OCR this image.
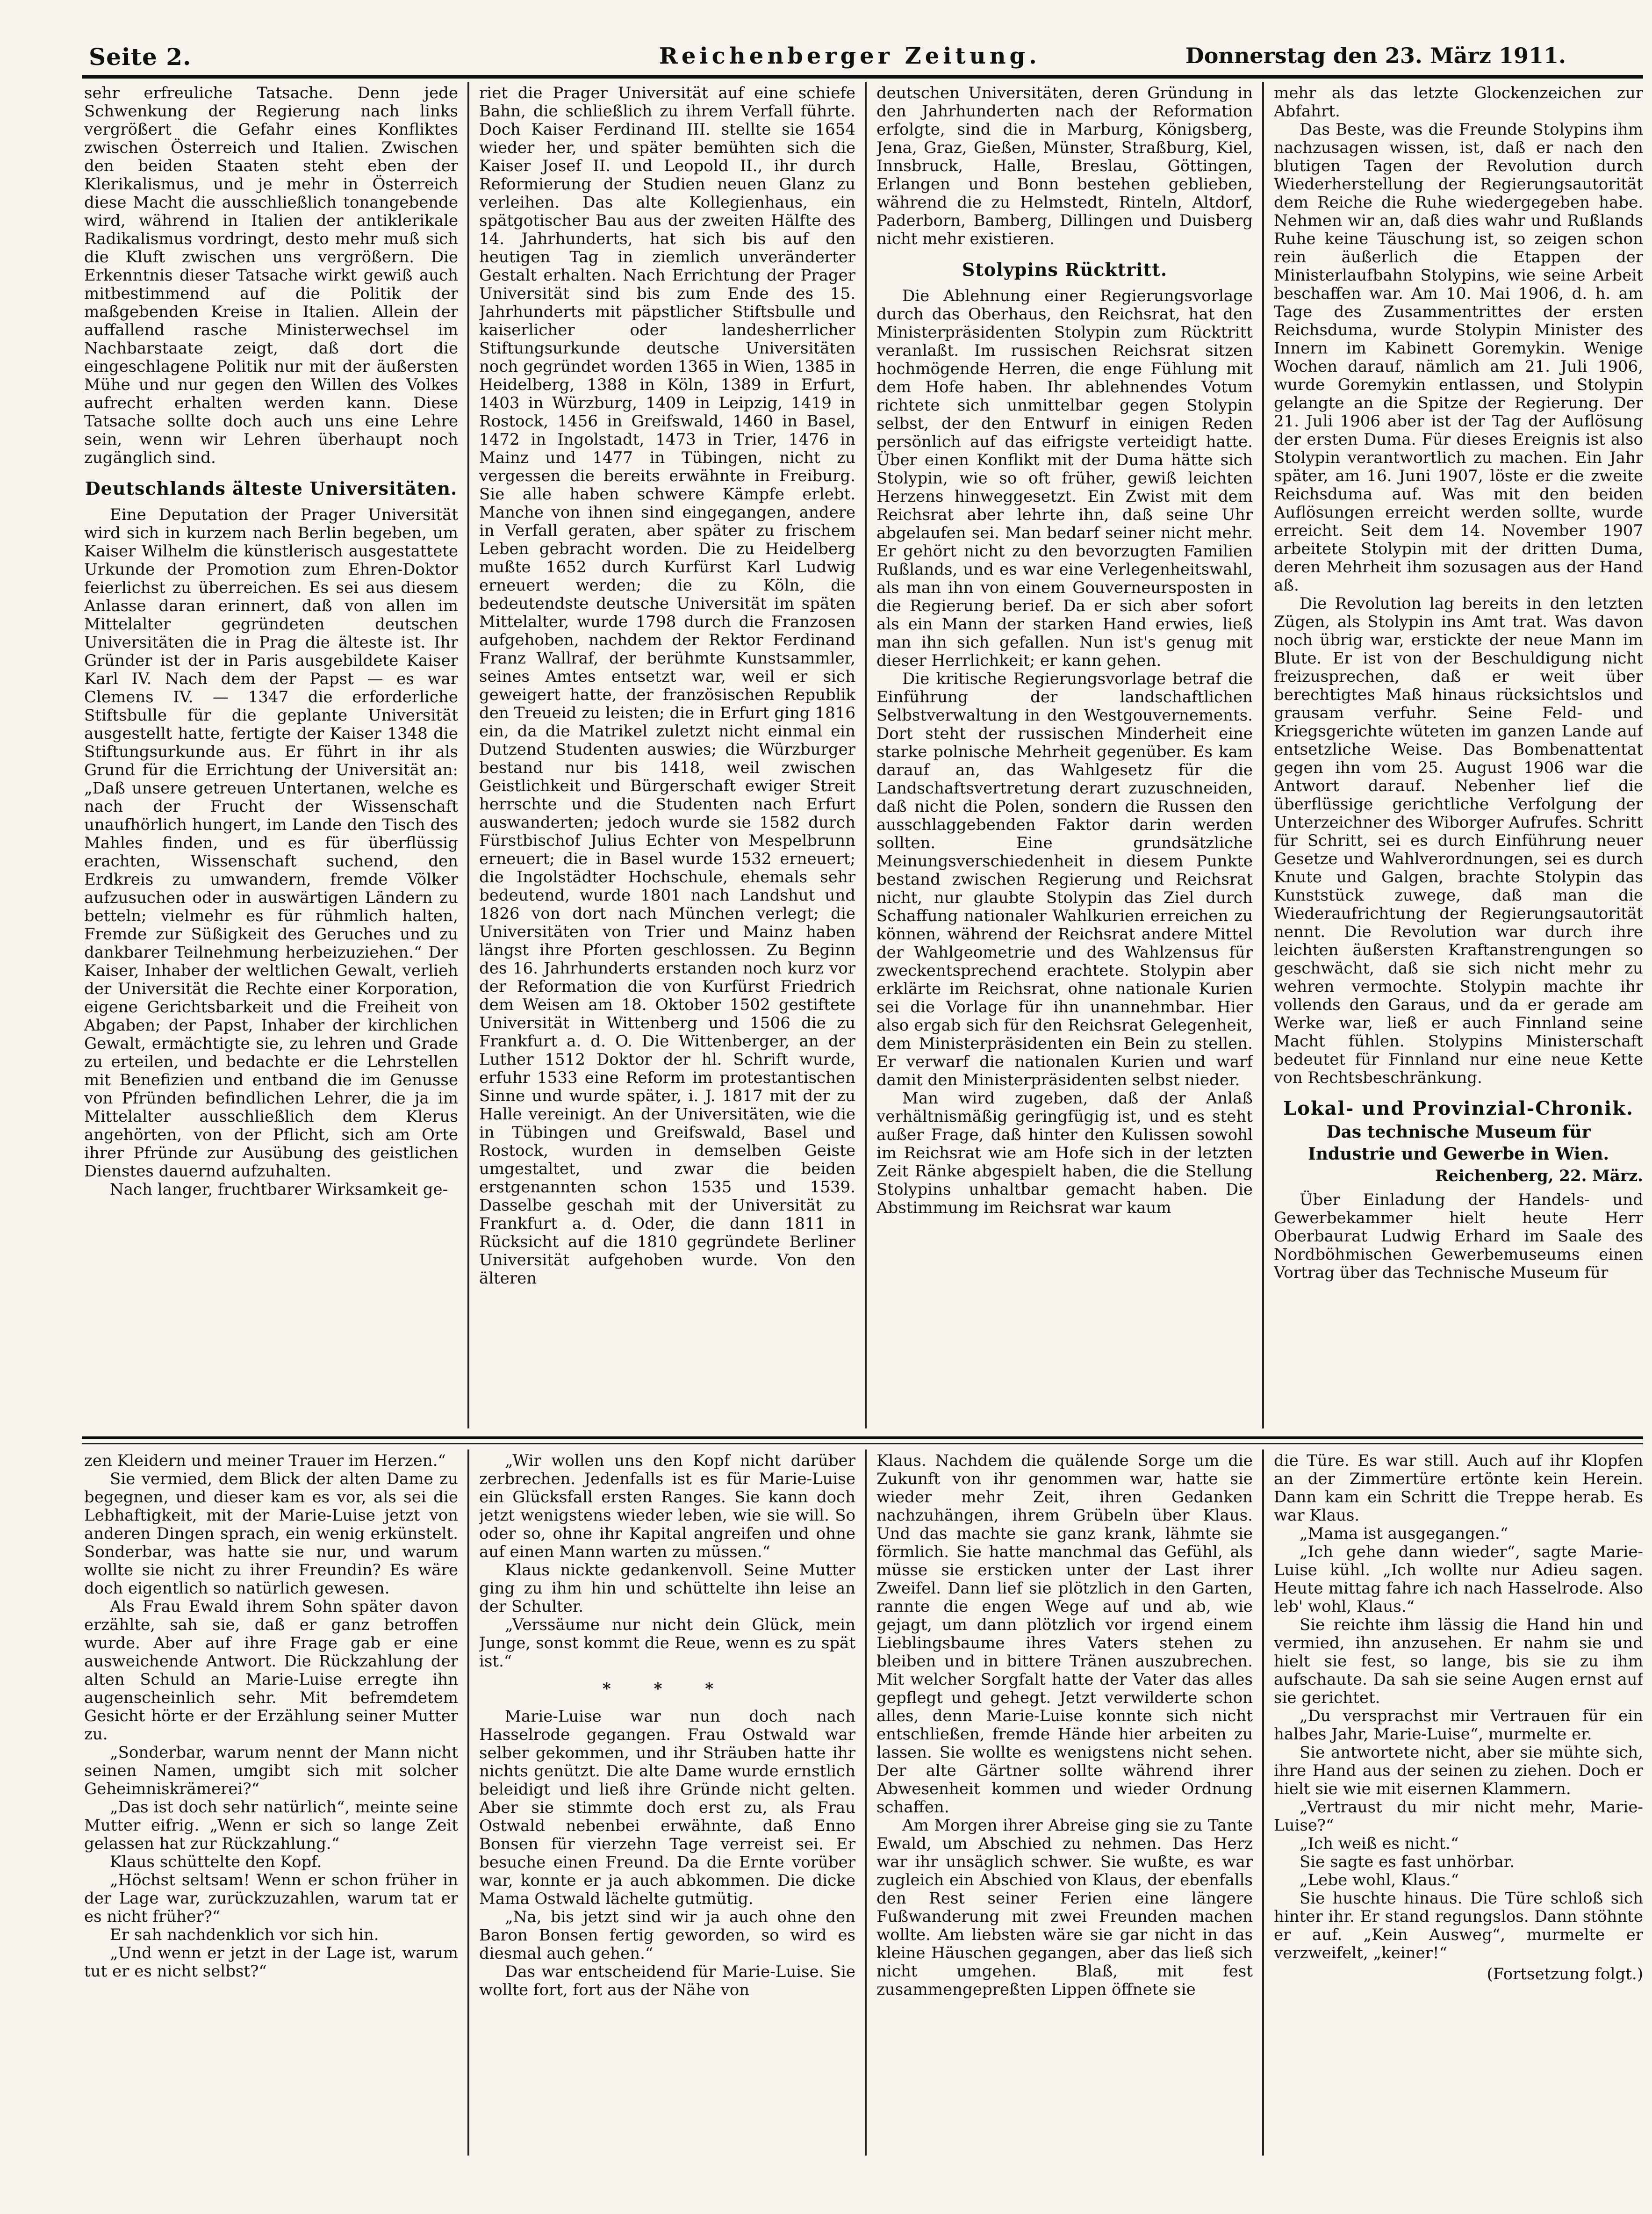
Seite 2.	Reichenberger Zeitung.	Donnerstag den 23. März 1911.

sehr erfreuliche Tatsache. Denn jede Schwenkung der Regierung nach links vergrößert die Gefahr eines Konfliktes zwischen Österreich und Italien. Zwischen den beiden Staaten steht eben der Klerikalismus, und je mehr in Österreich diese Macht die ausschließlich tonangebende wird, während in Italien der antiklerikale Radikalismus vordringt, desto mehr muß sich die Kluft zwischen uns vergrößern. Die Erkenntnis dieser Tatsache wirkt gewiß auch mitbestimmend auf die Politik der maßgebenden Kreise in Italien. Allein der auffallend rasche Ministerwechsel im Nachbarstaate zeigt, daß dort die eingeschlagene Politik nur mit der äußersten Mühe und nur gegen den Willen des Volkes aufrecht erhalten werden kann. Diese Tatsache sollte doch auch uns eine Lehre sein, wenn wir Lehren überhaupt noch zugänglich sind.

Deutschlands älteste Universitäten.

Eine Deputation der Prager Universität wird sich in kurzem nach Berlin begeben, um Kaiser Wilhelm die künstlerisch ausgestattete Urkunde der Promotion zum Ehren-Doktor feierlichst zu überreichen. Es sei aus diesem Anlasse daran erinnert, daß von allen im Mittelalter gegründeten deutschen Universitäten die in Prag die älteste ist. Ihr Gründer ist der in Paris ausgebildete Kaiser Karl IV. Nach dem der Papst — es war Clemens IV. — 1347 die erforderliche Stiftsbulle für die geplante Universität ausgestellt hatte, fertigte der Kaiser 1348 die Stiftungsurkunde aus. Er führt in ihr als Grund für die Errichtung der Universität an: „Daß unsere getreuen Untertanen, welche es nach der Frucht der Wissenschaft unaufhörlich hungert, im Lande den Tisch des Mahles finden, und es für überflüssig erachten, Wissenschaft suchend, den Erdkreis zu umwandern, fremde Völker aufzusuchen oder in auswärtigen Ländern zu betteln; vielmehr es für rühmlich halten, Fremde zur Süßigkeit des Geruches und zu dankbarer Teilnehmung herbeizuziehen.“ Der Kaiser, Inhaber der weltlichen Gewalt, verlieh der Universität die Rechte einer Korporation, eigene Gerichtsbarkeit und die Freiheit von Abgaben; der Papst, Inhaber der kirchlichen Gewalt, ermächtigte sie, zu lehren und Grade zu erteilen, und bedachte er die Lehrstellen mit Benefizien und entband die im Genusse von Pfründen befindlichen Lehrer, die ja im Mittelalter ausschließlich dem Klerus angehörten, von der Pflicht, sich am Orte ihrer Pfründe zur Ausübung des geistlichen Dienstes dauernd aufzuhalten.

Nach langer, fruchtbarer Wirksamkeit ge-

riet die Prager Universität auf eine schiefe Bahn, die schließlich zu ihrem Verfall führte. Doch Kaiser Ferdinand III. stellte sie 1654 wieder her, und später bemühten sich die Kaiser Josef II. und Leopold II., ihr durch Reformierung der Studien neuen Glanz zu verleihen. Das alte Kollegienhaus, ein spätgotischer Bau aus der zweiten Hälfte des 14. Jahrhunderts, hat sich bis auf den heutigen Tag in ziemlich unveränderter Gestalt erhalten. Nach Errichtung der Prager Universität sind bis zum Ende des 15. Jahrhunderts mit päpstlicher Stiftsbulle und kaiserlicher oder landesherrlicher Stiftungsurkunde deutsche Universitäten noch gegründet worden 1365 in Wien, 1385 in Heidelberg, 1388 in Köln, 1389 in Erfurt, 1403 in Würzburg, 1409 in Leipzig, 1419 in Rostock, 1456 in Greifswald, 1460 in Basel, 1472 in Ingolstadt, 1473 in Trier, 1476 in Mainz und 1477 in Tübingen, nicht zu vergessen die bereits erwähnte in Freiburg. Sie alle haben schwere Kämpfe erlebt. Manche von ihnen sind eingegangen, andere in Verfall geraten, aber später zu frischem Leben gebracht worden. Die zu Heidelberg mußte 1652 durch Kurfürst Karl Ludwig erneuert werden; die zu Köln, die bedeutendste deutsche Universität im späten Mittelalter, wurde 1798 durch die Franzosen aufgehoben, nachdem der Rektor Ferdinand Franz Wallraf, der berühmte Kunstsammler, seines Amtes entsetzt war, weil er sich geweigert hatte, der französischen Republik den Treueid zu leisten; die in Erfurt ging 1816 ein, da die Matrikel zuletzt nicht einmal ein Dutzend Studenten auswies; die Würzburger bestand nur bis 1418, weil zwischen Geistlichkeit und Bürgerschaft ewiger Streit herrschte und die Studenten nach Erfurt auswanderten; jedoch wurde sie 1582 durch Fürstbischof Julius Echter von Mespelbrunn erneuert; die in Basel wurde 1532 erneuert; die Ingolstädter Hochschule, ehemals sehr bedeutend, wurde 1801 nach Landshut und 1826 von dort nach München verlegt; die Universitäten von Trier und Mainz haben längst ihre Pforten geschlossen. Zu Beginn des 16. Jahrhunderts erstanden noch kurz vor der Reformation die von Kurfürst Friedrich dem Weisen am 18. Oktober 1502 gestiftete Universität in Wittenberg und 1506 die zu Frankfurt a. d. O. Die Wittenberger, an der Luther 1512 Doktor der hl. Schrift wurde, erfuhr 1533 eine Reform im protestantischen Sinne und wurde später, i. J. 1817 mit der zu Halle vereinigt. An der Universitäten, wie die in Tübingen und Greifswald, Basel und Rostock, wurden in demselben Geiste umgestaltet, und zwar die beiden erstgenannten schon 1535 und 1539. Dasselbe geschah mit der Universität zu Frankfurt a. d. Oder, die dann 1811 in Rücksicht auf die 1810 gegründete Berliner Universität aufgehoben wurde. Von den älteren

deutschen Universitäten, deren Gründung in den Jahrhunderten nach der Reformation erfolgte, sind die in Marburg, Königsberg, Jena, Graz, Gießen, Münster, Straßburg, Kiel, Innsbruck, Halle, Breslau, Göttingen, Erlangen und Bonn bestehen geblieben, während die zu Helmstedt, Rinteln, Altdorf, Paderborn, Bamberg, Dillingen und Duisberg nicht mehr existieren.

Stolypins Rücktritt.

Die Ablehnung einer Regierungsvorlage durch das Oberhaus, den Reichsrat, hat den Ministerpräsidenten Stolypin zum Rücktritt veranlaßt. Im russischen Reichsrat sitzen hochmögende Herren, die enge Fühlung mit dem Hofe haben. Ihr ablehnendes Votum richtete sich unmittelbar gegen Stolypin selbst, der den Entwurf in einigen Reden persönlich auf das eifrigste verteidigt hatte. Über einen Konflikt mit der Duma hätte sich Stolypin, wie so oft früher, gewiß leichten Herzens hinweggesetzt. Ein Zwist mit dem Reichsrat aber lehrte ihn, daß seine Uhr abgelaufen sei. Man bedarf seiner nicht mehr. Er gehört nicht zu den bevorzugten Familien Rußlands, und es war eine Verlegenheitswahl, als man ihn von einem Gouverneursposten in die Regierung berief. Da er sich aber sofort als ein Mann der starken Hand erwies, ließ man ihn sich gefallen. Nun ist's genug mit dieser Herrlichkeit; er kann gehen.

Die kritische Regierungsvorlage betraf die Einführung der landschaftlichen Selbstverwaltung in den Westgouvernements. Dort steht der russischen Minderheit eine starke polnische Mehrheit gegenüber. Es kam darauf an, das Wahlgesetz für die Landschaftsvertretung derart zuzuschneiden, daß nicht die Polen, sondern die Russen den ausschlaggebenden Faktor darin werden sollten. Eine grundsätzliche Meinungsverschiedenheit in diesem Punkte bestand zwischen Regierung und Reichsrat nicht, nur glaubte Stolypin das Ziel durch Schaffung nationaler Wahlkurien erreichen zu können, während der Reichsrat andere Mittel der Wahlgeometrie und des Wahlzensus für zweckentsprechend erachtete. Stolypin aber erklärte im Reichsrat, ohne nationale Kurien sei die Vorlage für ihn unannehmbar. Hier also ergab sich für den Reichsrat Gelegenheit, dem Ministerpräsidenten ein Bein zu stellen. Er verwarf die nationalen Kurien und warf damit den Ministerpräsidenten selbst nieder.

Man wird zugeben, daß der Anlaß verhältnismäßig geringfügig ist, und es steht außer Frage, daß hinter den Kulissen sowohl im Reichsrat wie am Hofe sich in der letzten Zeit Ränke abgespielt haben, die die Stellung Stolypins unhaltbar gemacht haben. Die Abstimmung im Reichsrat war kaum

mehr als das letzte Glockenzeichen zur Abfahrt.

Das Beste, was die Freunde Stolypins ihm nachzusagen wissen, ist, daß er nach den blutigen Tagen der Revolution durch Wiederherstellung der Regierungsautorität dem Reiche die Ruhe wiedergegeben habe. Nehmen wir an, daß dies wahr und Rußlands Ruhe keine Täuschung ist, so zeigen schon rein äußerlich die Etappen der Ministerlaufbahn Stolypins, wie seine Arbeit beschaffen war. Am 10. Mai 1906, d. h. am Tage des Zusammentrittes der ersten Reichsduma, wurde Stolypin Minister des Innern im Kabinett Goremykin. Wenige Wochen darauf, nämlich am 21. Juli 1906, wurde Goremykin entlassen, und Stolypin gelangte an die Spitze der Regierung. Der 21. Juli 1906 aber ist der Tag der Auflösung der ersten Duma. Für dieses Ereignis ist also Stolypin verantwortlich zu machen. Ein Jahr später, am 16. Juni 1907, löste er die zweite Reichsduma auf. Was mit den beiden Auflösungen erreicht werden sollte, wurde erreicht. Seit dem 14. November 1907 arbeitete Stolypin mit der dritten Duma, deren Mehrheit ihm sozusagen aus der Hand aß.

Die Revolution lag bereits in den letzten Zügen, als Stolypin ins Amt trat. Was davon noch übrig war, erstickte der neue Mann im Blute. Er ist von der Beschuldigung nicht freizusprechen, daß er weit über berechtigtes Maß hinaus rücksichtslos und grausam verfuhr. Seine Feld- und Kriegsgerichte wüteten im ganzen Lande auf entsetzliche Weise. Das Bombenattentat gegen ihn vom 25. August 1906 war die Antwort darauf. Nebenher lief die überflüssige gerichtliche Verfolgung der Unterzeichner des Wiborger Aufrufes. Schritt für Schritt, sei es durch Einführung neuer Gesetze und Wahlverordnungen, sei es durch Knute und Galgen, brachte Stolypin das Kunststück zuwege, daß man die Wiederaufrichtung der Regierungsautorität nennt. Die Revolution war durch ihre leichten äußersten Kraftanstrengungen so geschwächt, daß sie sich nicht mehr zu wehren vermochte. Stolypin machte ihr vollends den Garaus, und da er gerade am Werke war, ließ er auch Finnland seine Macht fühlen. Stolypins Ministerschaft bedeutet für Finnland nur eine neue Kette von Rechtsbeschränkung.

Lokal- und Provinzial-Chronik.
Das technische Museum für
Industrie und Gewerbe in Wien.
Reichenberg, 22. März.

Über Einladung der Handels- und Gewerbekammer hielt heute Herr Oberbaurat Ludwig Erhard im Saale des Nordböhmischen Gewerbemuseums einen Vortrag über das Technische Museum für

zen Kleidern und meiner Trauer im Herzen.“

Sie vermied, dem Blick der alten Dame zu begegnen, und dieser kam es vor, als sei die Lebhaftigkeit, mit der Marie-Luise jetzt von anderen Dingen sprach, ein wenig erkünstelt. Sonderbar, was hatte sie nur, und warum wollte sie nicht zu ihrer Freundin? Es wäre doch eigentlich so natürlich gewesen.

Als Frau Ewald ihrem Sohn später davon erzählte, sah sie, daß er ganz betroffen wurde. Aber auf ihre Frage gab er eine ausweichende Antwort. Die Rückzahlung der alten Schuld an Marie-Luise erregte ihn augenscheinlich sehr. Mit befremdetem Gesicht hörte er der Erzählung seiner Mutter zu.

„Sonderbar, warum nennt der Mann nicht seinen Namen, umgibt sich mit solcher Geheimniskrämerei?“

„Das ist doch sehr natürlich“, meinte seine Mutter eifrig. „Wenn er sich so lange Zeit gelassen hat zur Rückzahlung.“

Klaus schüttelte den Kopf.

„Höchst seltsam! Wenn er schon früher in der Lage war, zurückzuzahlen, warum tat er es nicht früher?“

Er sah nachdenklich vor sich hin.

„Und wenn er jetzt in der Lage ist, warum tut er es nicht selbst?“

„Wir wollen uns den Kopf nicht darüber zerbrechen. Jedenfalls ist es für Marie-Luise ein Glücksfall ersten Ranges. Sie kann doch jetzt wenigstens wieder leben, wie sie will. So oder so, ohne ihr Kapital angreifen und ohne auf einen Mann warten zu müssen.“

Klaus nickte gedankenvoll. Seine Mutter ging zu ihm hin und schüttelte ihn leise an der Schulter.

„Verssäume nur nicht dein Glück, mein Junge, sonst kommt die Reue, wenn es zu spät ist.“

* * *

Marie-Luise war nun doch nach Hasselrode gegangen. Frau Ostwald war selber gekommen, und ihr Sträuben hatte ihr nichts genützt. Die alte Dame wurde ernstlich beleidigt und ließ ihre Gründe nicht gelten. Aber sie stimmte doch erst zu, als Frau Ostwald nebenbei erwähnte, daß Enno Bonsen für vierzehn Tage verreist sei. Er besuche einen Freund. Da die Ernte vorüber war, konnte er ja auch abkommen. Die dicke Mama Ostwald lächelte gutmütig.

„Na, bis jetzt sind wir ja auch ohne den Baron Bonsen fertig geworden, so wird es diesmal auch gehen.“

Das war entscheidend für Marie-Luise. Sie wollte fort, fort aus der Nähe von

Klaus. Nachdem die quälende Sorge um die Zukunft von ihr genommen war, hatte sie wieder mehr Zeit, ihren Gedanken nachzuhängen, ihrem Grübeln über Klaus. Und das machte sie ganz krank, lähmte sie förmlich. Sie hatte manchmal das Gefühl, als müsse sie ersticken unter der Last ihrer Zweifel. Dann lief sie plötzlich in den Garten, rannte die engen Wege auf und ab, wie gejagt, um dann plötzlich vor irgend einem Lieblingsbaume ihres Vaters stehen zu bleiben und in bittere Tränen auszubrechen. Mit welcher Sorgfalt hatte der Vater das alles gepflegt und gehegt. Jetzt verwilderte schon alles, denn Marie-Luise konnte sich nicht entschließen, fremde Hände hier arbeiten zu lassen. Sie wollte es wenigstens nicht sehen. Der alte Gärtner sollte während ihrer Abwesenheit kommen und wieder Ordnung schaffen.

Am Morgen ihrer Abreise ging sie zu Tante Ewald, um Abschied zu nehmen. Das Herz war ihr unsäglich schwer. Sie wußte, es war zugleich ein Abschied von Klaus, der ebenfalls den Rest seiner Ferien eine längere Fußwanderung mit zwei Freunden machen wollte. Am liebsten wäre sie gar nicht in das kleine Häuschen gegangen, aber das ließ sich nicht umgehen. Blaß, mit fest zusammengepreßten Lippen öffnete sie

die Türe. Es war still. Auch auf ihr Klopfen an der Zimmertüre ertönte kein Herein. Dann kam ein Schritt die Treppe herab. Es war Klaus.

„Mama ist ausgegangen.“

„Ich gehe dann wieder“, sagte Marie-Luise kühl. „Ich wollte nur Adieu sagen. Heute mittag fahre ich nach Hasselrode. Also leb' wohl, Klaus.“

Sie reichte ihm lässig die Hand hin und vermied, ihn anzusehen. Er nahm sie und hielt sie fest, so lange, bis sie zu ihm aufschaute. Da sah sie seine Augen ernst auf sie gerichtet.

„Du versprachst mir Vertrauen für ein halbes Jahr, Marie-Luise“, murmelte er.

Sie antwortete nicht, aber sie mühte sich, ihre Hand aus der seinen zu ziehen. Doch er hielt sie wie mit eisernen Klammern.

„Vertraust du mir nicht mehr, Marie-Luise?“

„Ich weiß es nicht.“

Sie sagte es fast unhörbar.

„Lebe wohl, Klaus.“

Sie huschte hinaus. Die Türe schloß sich hinter ihr. Er stand regungslos. Dann stöhnte er auf. „Kein Ausweg“, murmelte er verzweifelt, „keiner!“

(Fortsetzung folgt.)
